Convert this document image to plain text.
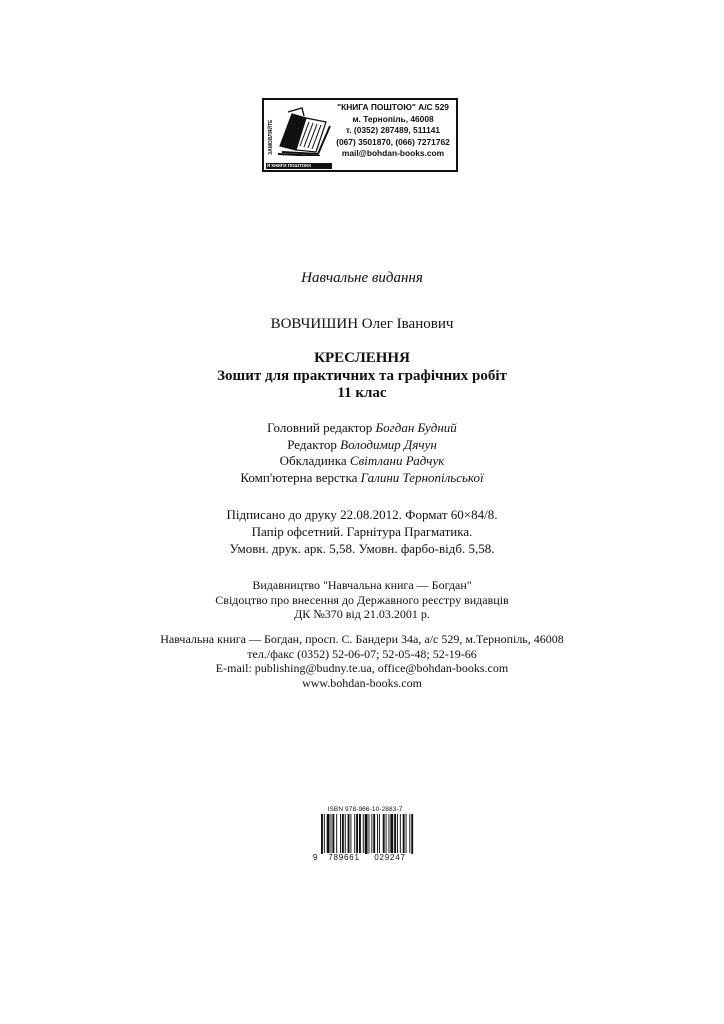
ЗАМОВЛЯЙТЕ
Я КНИГИ ПОШТОЮ!
"КНИГА ПОШТОЮ" А/С 529
м. Тернопіль, 46008
т. (0352) 287489, 511141
(067) 3501870, (066) 7271762
mail@bohdan-books.com
Навчальне видання
ВОВЧИШИН Олег Іванович
КРЕСЛЕННЯ
Зошит для практичних та графічних робіт
11 клас
Головний редактор Богдан Будний
Редактор Володимир Дячун
Обкладинка Світлани Радчук
Комп'ютерна верстка Галини Тернопільської
Підписано до друку 22.08.2012. Формат 60×84/8.
Папір офсетний. Гарнітура Прагматика.
Умовн. друк. арк. 5,58. Умовн. фарбо-відб. 5,58.
Видавництво "Навчальна книга — Богдан"
Свідоцтво про внесення до Державного реєстру видавців
ДК №370 від 21.03.2001 р.
Навчальна книга — Богдан, просп. С. Бандери 34а, а/с 529, м.Тернопіль, 46008
тел./факс (0352) 52-06-07; 52-05-48; 52-19-66
E-mail: publishing@budny.te.ua, office@bohdan-books.com
www.bohdan-books.com
ISBN 978-966-10-2883-7
9	789661	029247
